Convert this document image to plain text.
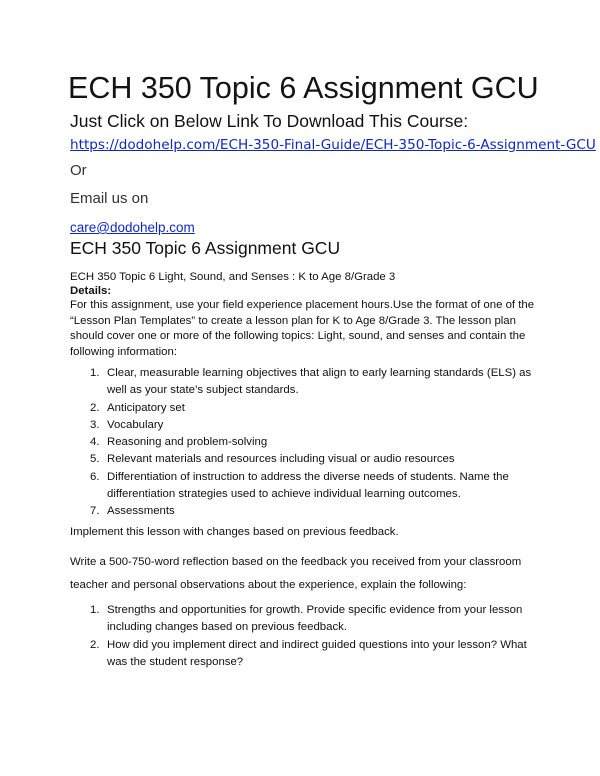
ECH 350 Topic 6 Assignment GCU

Just Click on Below Link To Download This Course:

https://dodohelp.com/ECH-350-Final-Guide/ECH-350-Topic-6-Assignment-GCU

Or

Email us on

care@dodohelp.com
ECH 350 Topic 6 Assignment GCU

ECH 350 Topic 6 Light, Sound, and Senses : K to Age 8/Grade 3

Details:

For this assignment, use your field experience placement hours.Use the format of one of the “Lesson Plan Templates” to create a lesson plan for K to Age 8/Grade 3. The lesson plan should cover one or more of the following topics: Light, sound, and senses and contain the following information:

1. Clear, measurable learning objectives that align to early learning standards (ELS) as well as your state’s subject standards.
2. Anticipatory set
3. Vocabulary
4. Reasoning and problem-solving
5. Relevant materials and resources including visual or audio resources
6. Differentiation of instruction to address the diverse needs of students. Name the differentiation strategies used to achieve individual learning outcomes.
7. Assessments

Implement this lesson with changes based on previous feedback.

Write a 500-750-word reflection based on the feedback you received from your classroom teacher and personal observations about the experience, explain the following:

1. Strengths and opportunities for growth. Provide specific evidence from your lesson including changes based on previous feedback.
2. How did you implement direct and indirect guided questions into your lesson? What was the student response?
